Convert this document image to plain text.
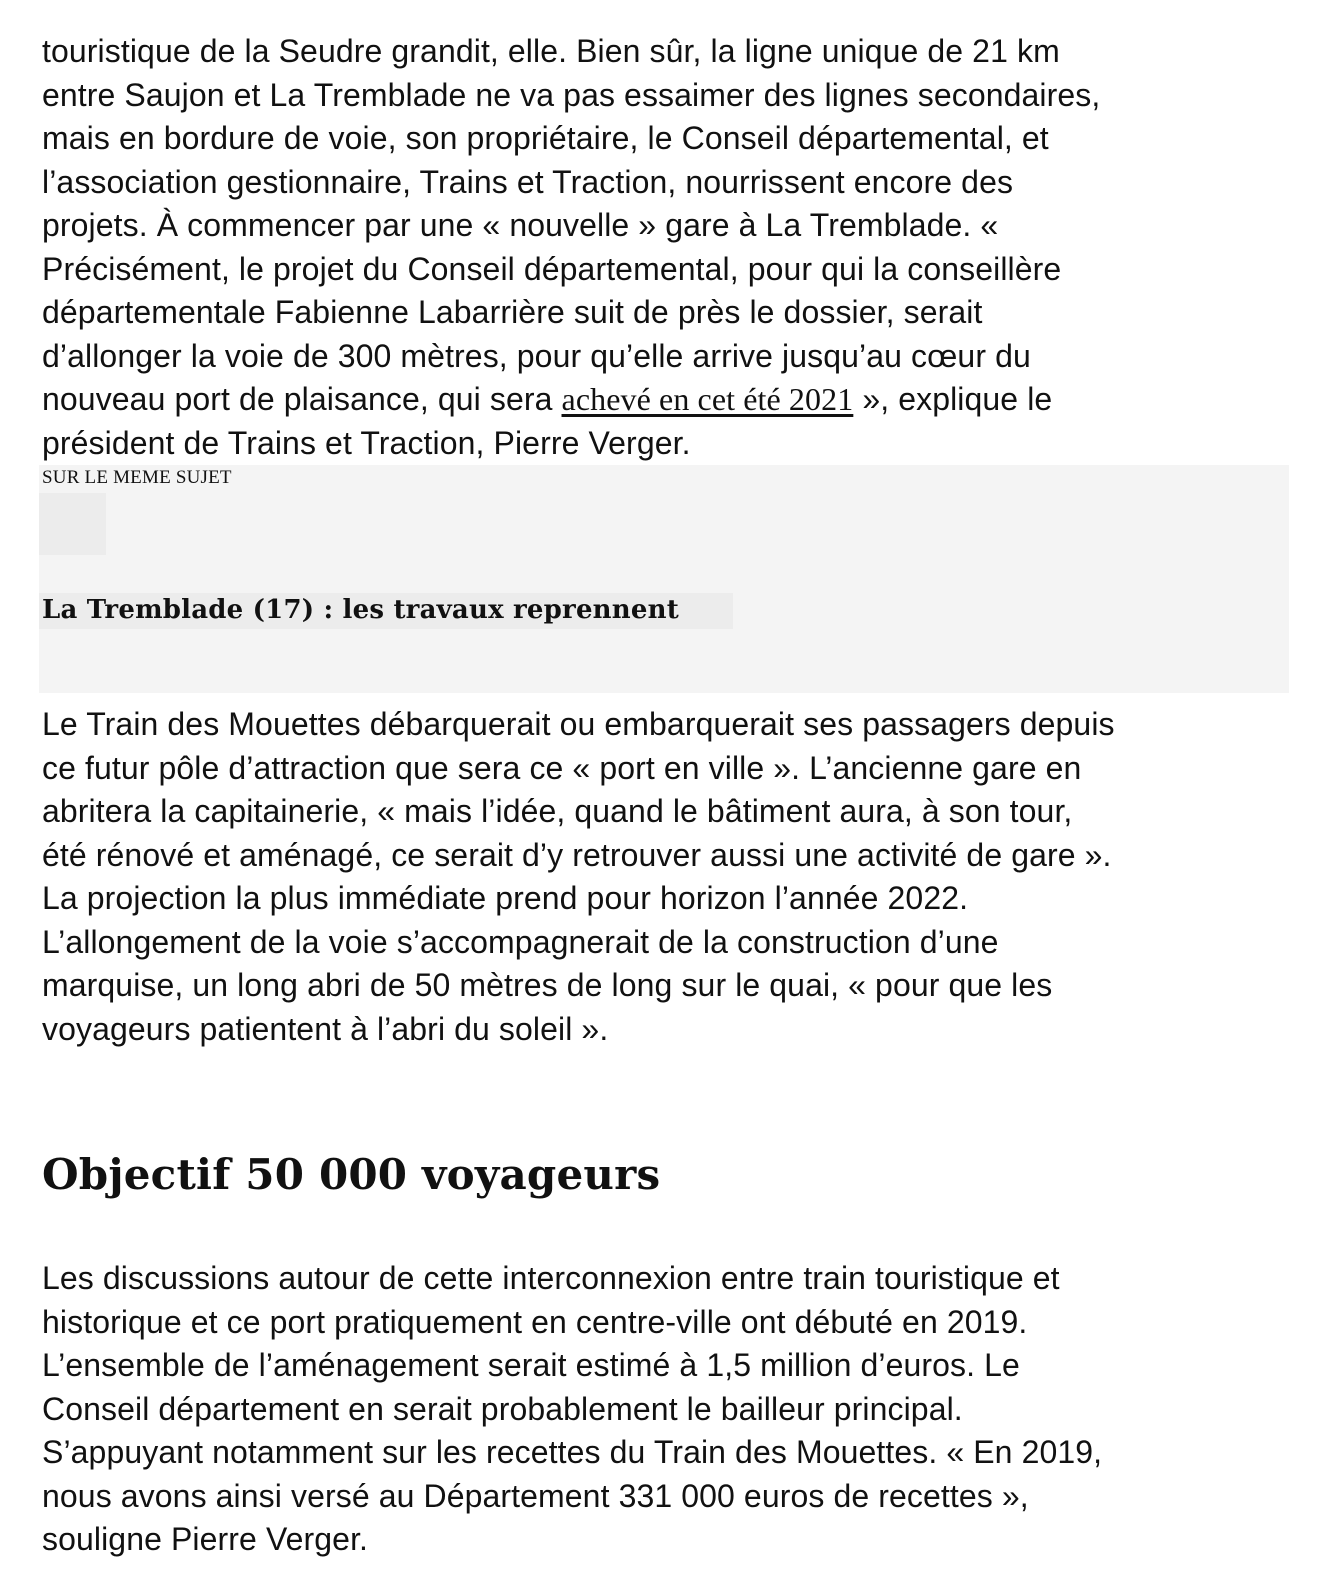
touristique de la Seudre grandit, elle. Bien sûr, la ligne unique de 21 km
entre Saujon et La Tremblade ne va pas essaimer des lignes secondaires,
mais en bordure de voie, son propriétaire, le Conseil départemental, et
l’association gestionnaire, Trains et Traction, nourrissent encore des
projets. À commencer par une « nouvelle » gare à La Tremblade. «
Précisément, le projet du Conseil départemental, pour qui la conseillère
départementale Fabienne Labarrière suit de près le dossier, serait
d’allonger la voie de 300 mètres, pour qu’elle arrive jusqu’au cœur du
nouveau port de plaisance, qui sera achevé en cet été 2021 », explique le
président de Trains et Traction, Pierre Verger.

SUR LE MEME SUJET

La Tremblade (17) : les travaux reprennent

Le Train des Mouettes débarquerait ou embarquerait ses passagers depuis
ce futur pôle d’attraction que sera ce « port en ville ». L’ancienne gare en
abritera la capitainerie, « mais l’idée, quand le bâtiment aura, à son tour,
été rénové et aménagé, ce serait d’y retrouver aussi une activité de gare ».
La projection la plus immédiate prend pour horizon l’année 2022.
L’allongement de la voie s’accompagnerait de la construction d’une
marquise, un long abri de 50 mètres de long sur le quai, « pour que les
voyageurs patientent à l’abri du soleil ».

Objectif 50 000 voyageurs

Les discussions autour de cette interconnexion entre train touristique et
historique et ce port pratiquement en centre-ville ont débuté en 2019.
L’ensemble de l’aménagement serait estimé à 1,5 million d’euros. Le
Conseil département en serait probablement le bailleur principal.
S’appuyant notamment sur les recettes du Train des Mouettes. « En 2019,
nous avons ainsi versé au Département 331 000 euros de recettes »,
souligne Pierre Verger.
